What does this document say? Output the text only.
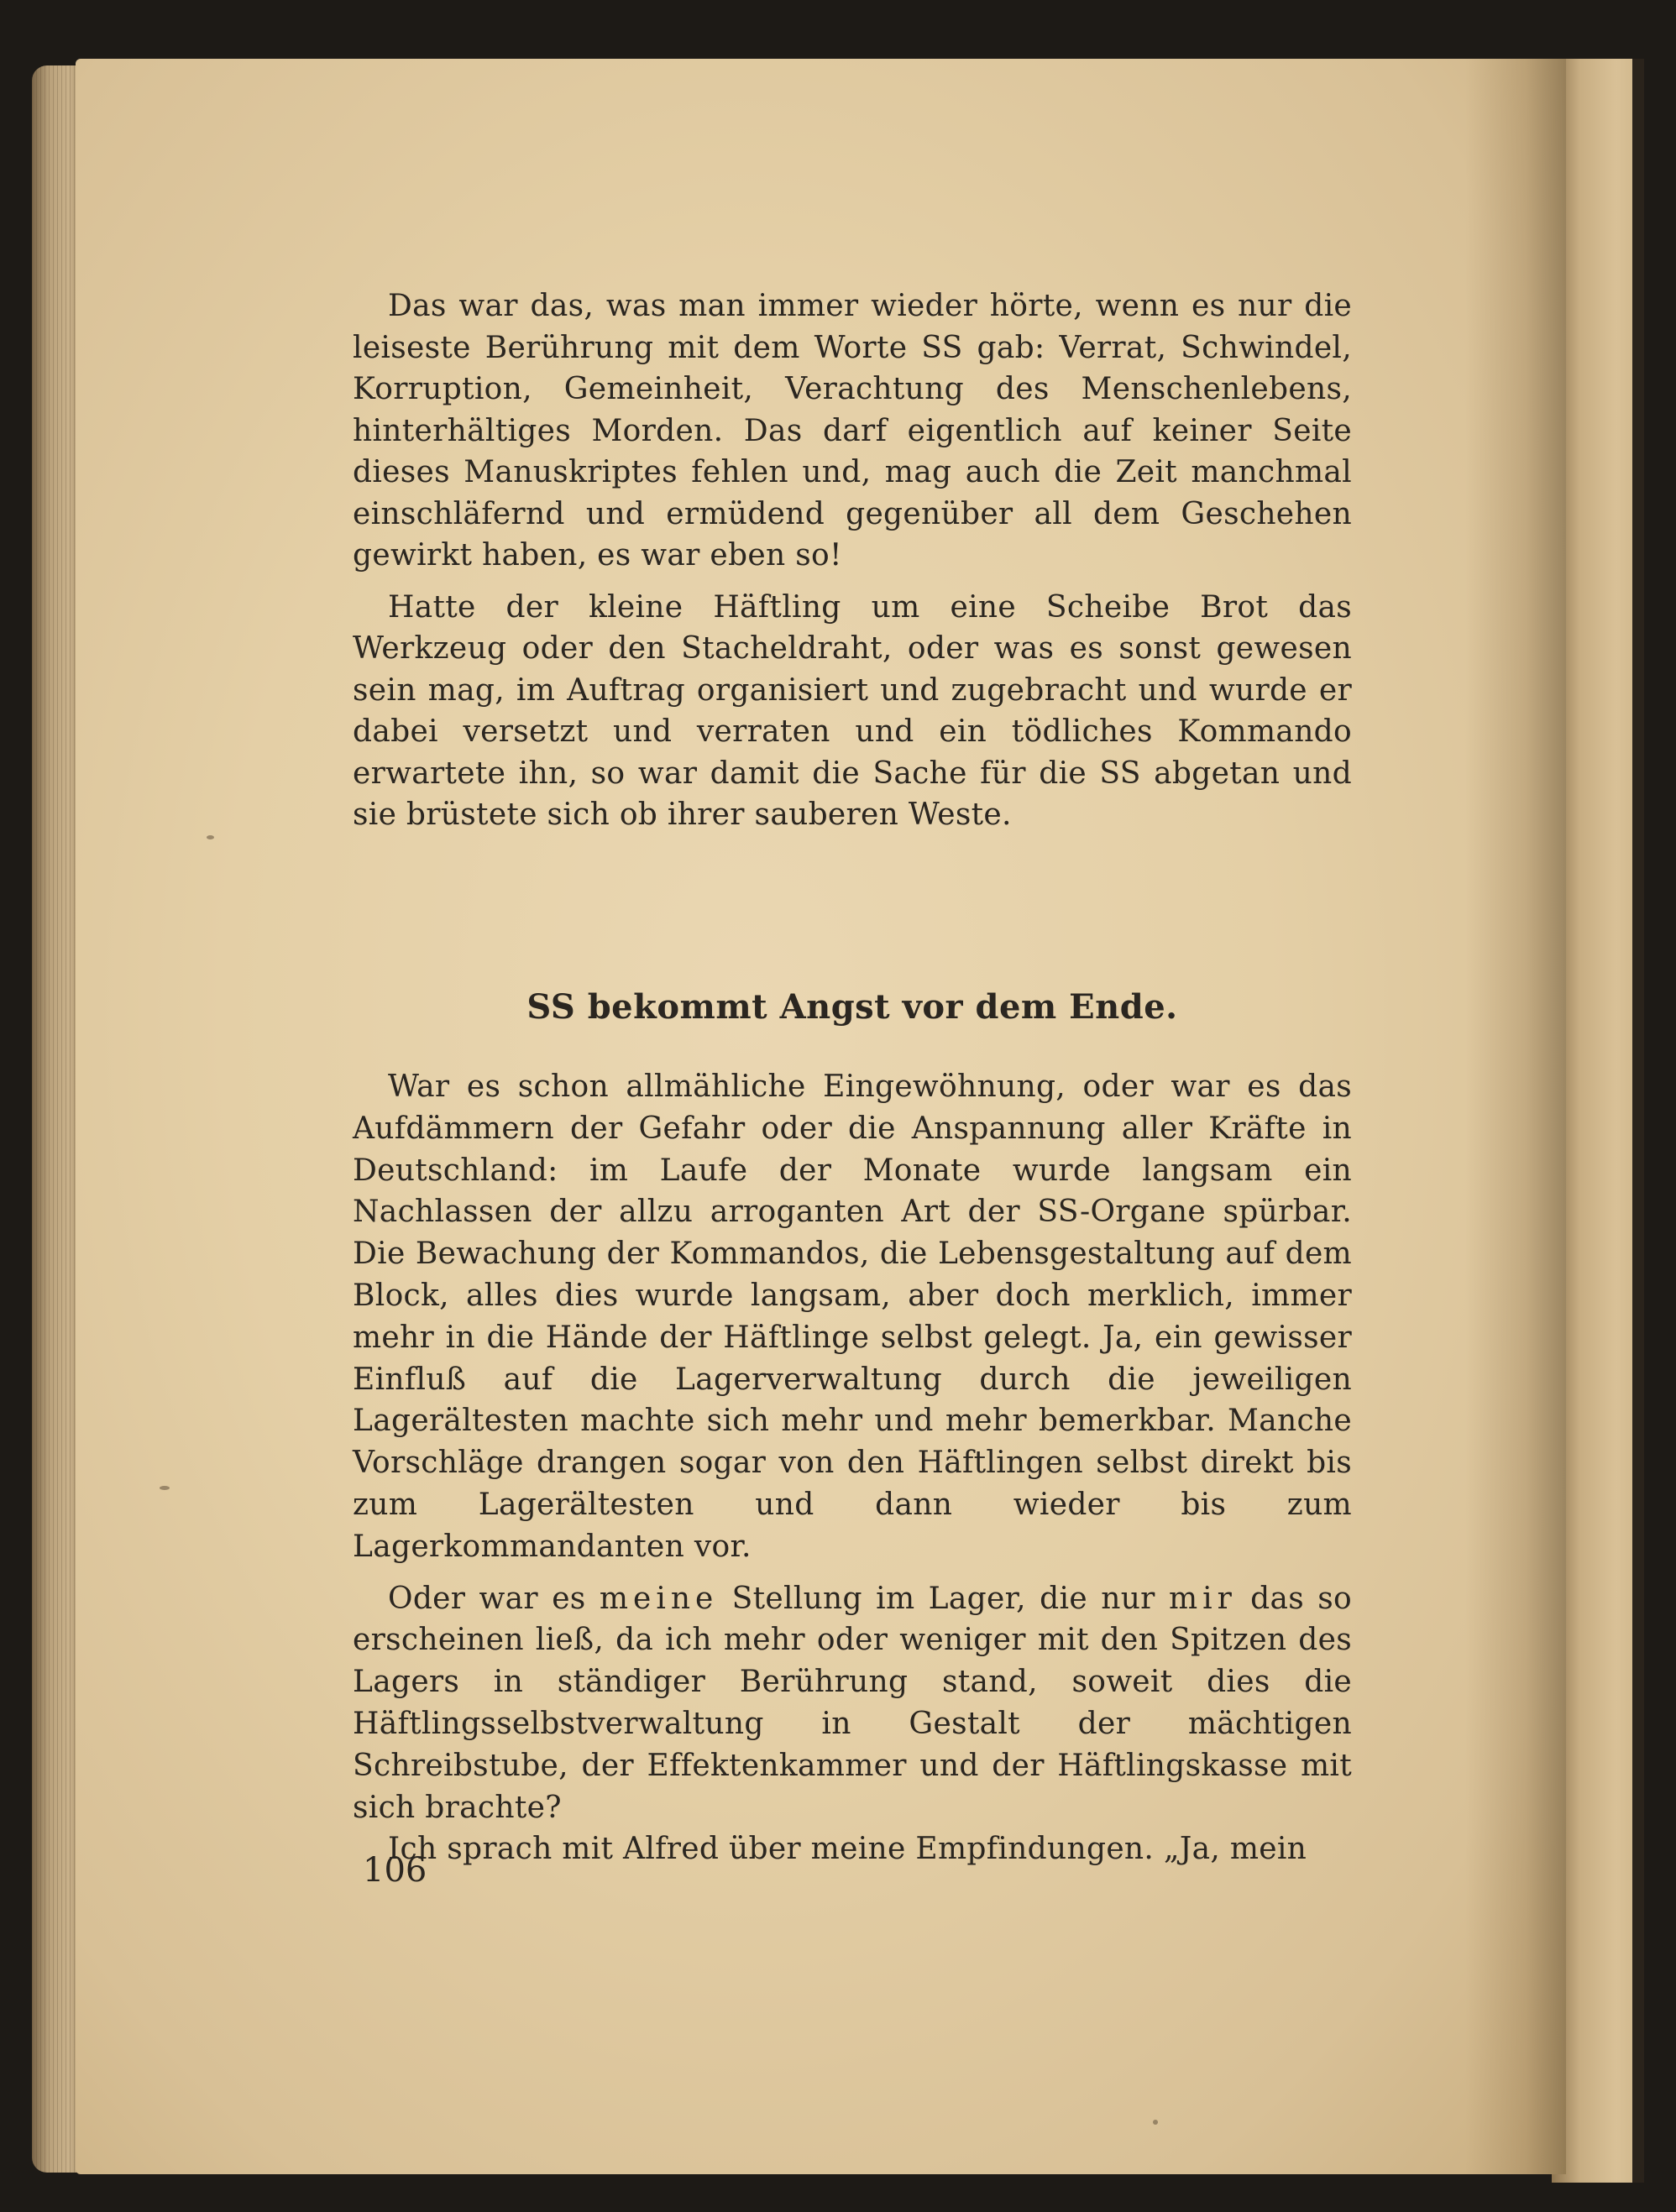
Das war das, was man immer wieder hörte, wenn es nur die leiseste Berührung mit dem Worte SS gab: Verrat, Schwindel, Korruption, Gemeinheit, Verachtung des Menschenlebens, hinterhältiges Morden. Das darf eigentlich auf keiner Seite dieses Manuskriptes fehlen und, mag auch die Zeit manchmal einschläfernd und ermüdend gegenüber all dem Geschehen gewirkt haben, es war eben so!

Hatte der kleine Häftling um eine Scheibe Brot das Werkzeug oder den Stacheldraht, oder was es sonst gewesen sein mag, im Auftrag organisiert und zugebracht und wurde er dabei versetzt und verraten und ein tödliches Kommando erwartete ihn, so war damit die Sache für die SS abgetan und sie brüstete sich ob ihrer sauberen Weste.

SS bekommt Angst vor dem Ende.

War es schon allmähliche Eingewöhnung, oder war es das Aufdämmern der Gefahr oder die Anspannung aller Kräfte in Deutschland: im Laufe der Monate wurde langsam ein Nachlassen der allzu arroganten Art der SS-Organe spürbar. Die Bewachung der Kommandos, die Lebensgestaltung auf dem Block, alles dies wurde langsam, aber doch merklich, immer mehr in die Hände der Häftlinge selbst gelegt. Ja, ein gewisser Einfluß auf die Lagerverwaltung durch die jeweiligen Lagerältesten machte sich mehr und mehr bemerkbar. Manche Vorschläge drangen sogar von den Häftlingen selbst direkt bis zum Lagerältesten und dann wieder bis zum Lagerkommandanten vor.

Oder war es meine Stellung im Lager, die nur mir das so erscheinen ließ, da ich mehr oder weniger mit den Spitzen des Lagers in ständiger Berührung stand, soweit dies die Häftlingsselbstverwaltung in Gestalt der mächtigen Schreibstube, der Effektenkammer und der Häftlingskasse mit sich brachte?

Ich sprach mit Alfred über meine Empfindungen. „Ja, mein

106
